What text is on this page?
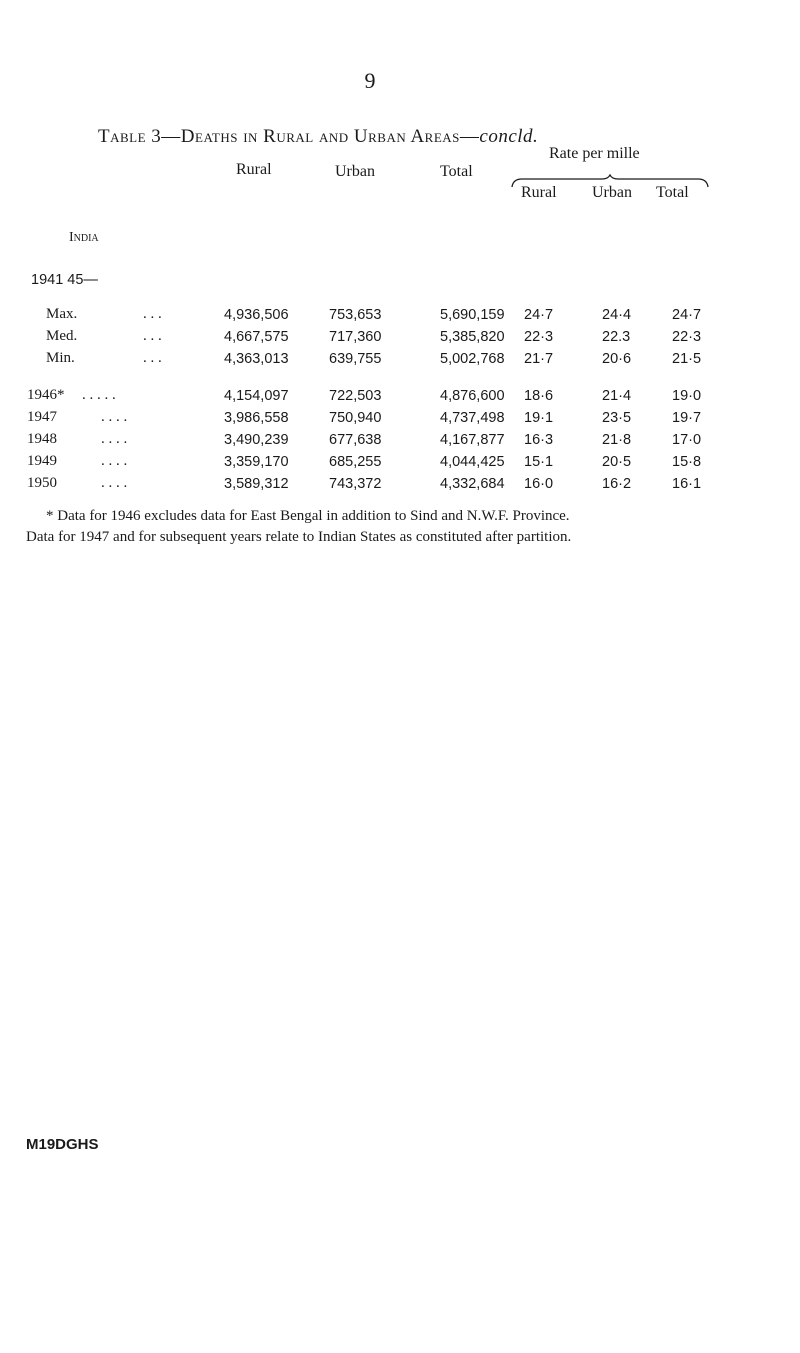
9
Table 3—Deaths in Rural and Urban Areas—concld.
Rural	Urban	Total
Rate per mille
Rural Urban Total
India
1941 45—
Max.	. . .	4,936,506	753,653	5,690,159 24·7	24·4	24·7
Med.	. . .	4,667,575	717,360	5,385,820 22·3	22.3	22·3
Min.	. . .	4,363,013	639,755	5,002,768 21·7	20·6	21·5
1946* . . . . .	4,154,097	722,503	4,876,600 18·6	21·4	19·0
1947	. . . .	3,986,558	750,940	4,737,498 19·1	23·5	19·7
1948	. . . .	3,490,239	677,638	4,167,877 16·3	21·8	17·0
1949	. . . .	3,359,170	685,255	4,044,425 15·1	20·5	15·8
1950	. . . .	3,589,312	743,372	4,332,684 16·0	16·2	16·1
* Data for 1946 excludes data for East Bengal in addition to Sind and N.W.F. Province.
Data for 1947 and for subsequent years relate to Indian States as constituted after partition.
M19DGHS
